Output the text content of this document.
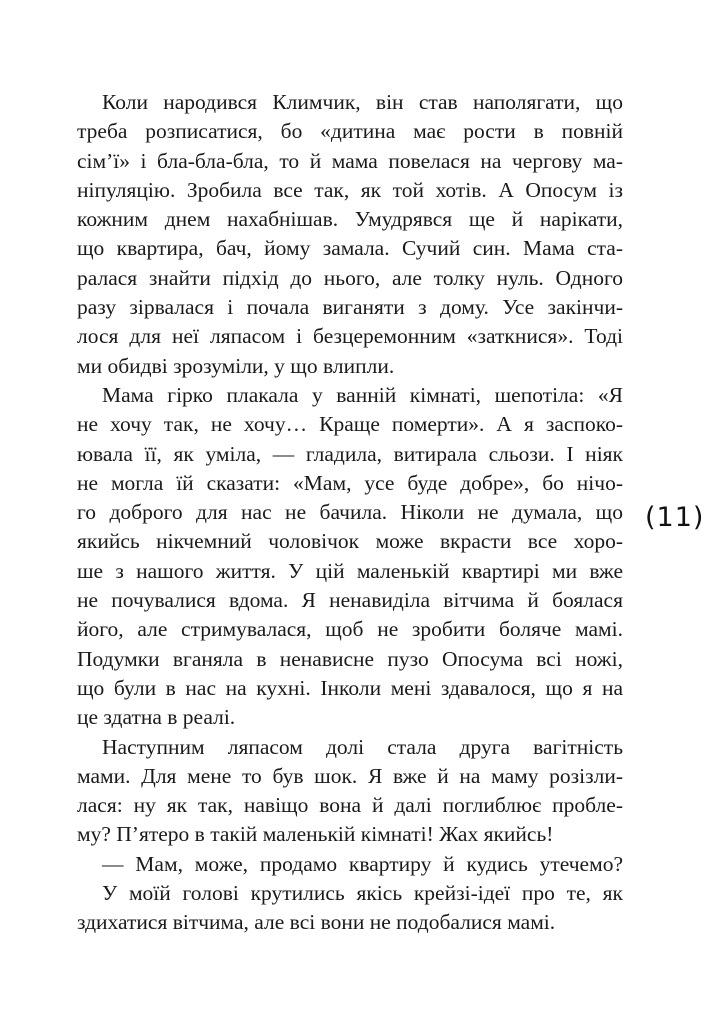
Коли народився Климчик, він став наполягати, що
треба розписатися, бо «дитина має рости в повній
сім’ї» і бла-бла-бла, то й мама повелася на чергову ма-
ніпуляцію. Зробила все так, як той хотів. А Опосум із
кожним днем нахабнішав. Умудрявся ще й нарікати,
що квартира, бач, йому замала. Сучий син. Мама ста-
ралася знайти підхід до нього, але толку нуль. Одного
разу зірвалася і почала виганяти з дому. Усе закінчи-
лося для неї ляпасом і безцеремонним «заткнися». Тоді
ми обидві зрозуміли, у що влипли.
Мама гірко плакала у ванній кімнаті, шепотіла: «Я
не хочу так, не хочу… Краще померти». А я заспоко-
ювала її, як уміла, — гладила, витирала сльози. І ніяк
не могла їй сказати: «Мам, усе буде добре», бо нічо-
го доброго для нас не бачила. Ніколи не думала, що
якийсь нікчемний чоловічок може вкрасти все хоро-
ше з нашого життя. У цій маленькій квартирі ми вже
не почувалися вдома. Я ненавиділа вітчима й боялася
його, але стримувалася, щоб не зробити боляче мамі.
Подумки вганяла в ненависне пузо Опосума всі ножі,
що були в нас на кухні. Інколи мені здавалося, що я на
це здатна в реалі.
Наступним ляпасом долі стала друга вагітність
мами. Для мене то був шок. Я вже й на маму розізли-
лася: ну як так, навіщо вона й далі поглиблює пробле-
му? П’ятеро в такій маленькій кімнаті! Жах якийсь!
— Мам, може, продамо квартиру й кудись утечемо?
У моїй голові крутились якісь крейзі-ідеї про те, як
здихатися вітчима, але всі вони не подобалися мамі.
(11)
